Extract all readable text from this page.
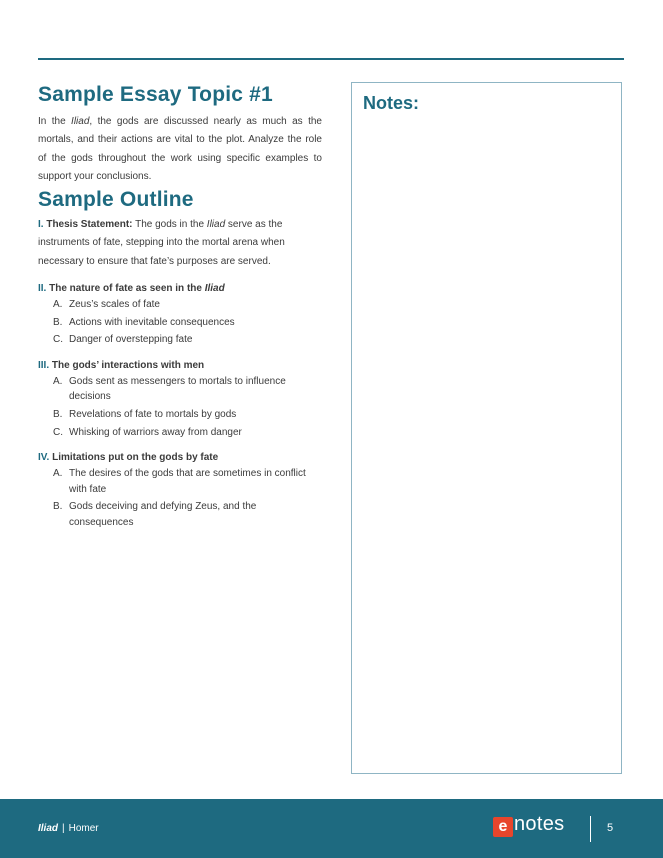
Sample Essay Topic #1

In the Iliad, the gods are discussed nearly as much as the mortals, and their actions are vital to the plot. Analyze the role of the gods throughout the work using specific examples to support your conclusions.

Sample Outline

I. Thesis Statement: The gods in the Iliad serve as the instruments of fate, stepping into the mortal arena when necessary to ensure that fate’s purposes are served.

II. The nature of fate as seen in the Iliad
A. Zeus’s scales of fate
B. Actions with inevitable consequences
C. Danger of overstepping fate
III. The gods’ interactions with men
A. Gods sent as messengers to mortals to influence decisions
B. Revelations of fate to mortals by gods
C. Whisking of warriors away from danger
IV. Limitations put on the gods by fate
A. The desires of the gods that are sometimes in conflict with fate
B. Gods deceiving and defying Zeus, and the consequences
Notes:
Iliad | Homer	e notes	5
